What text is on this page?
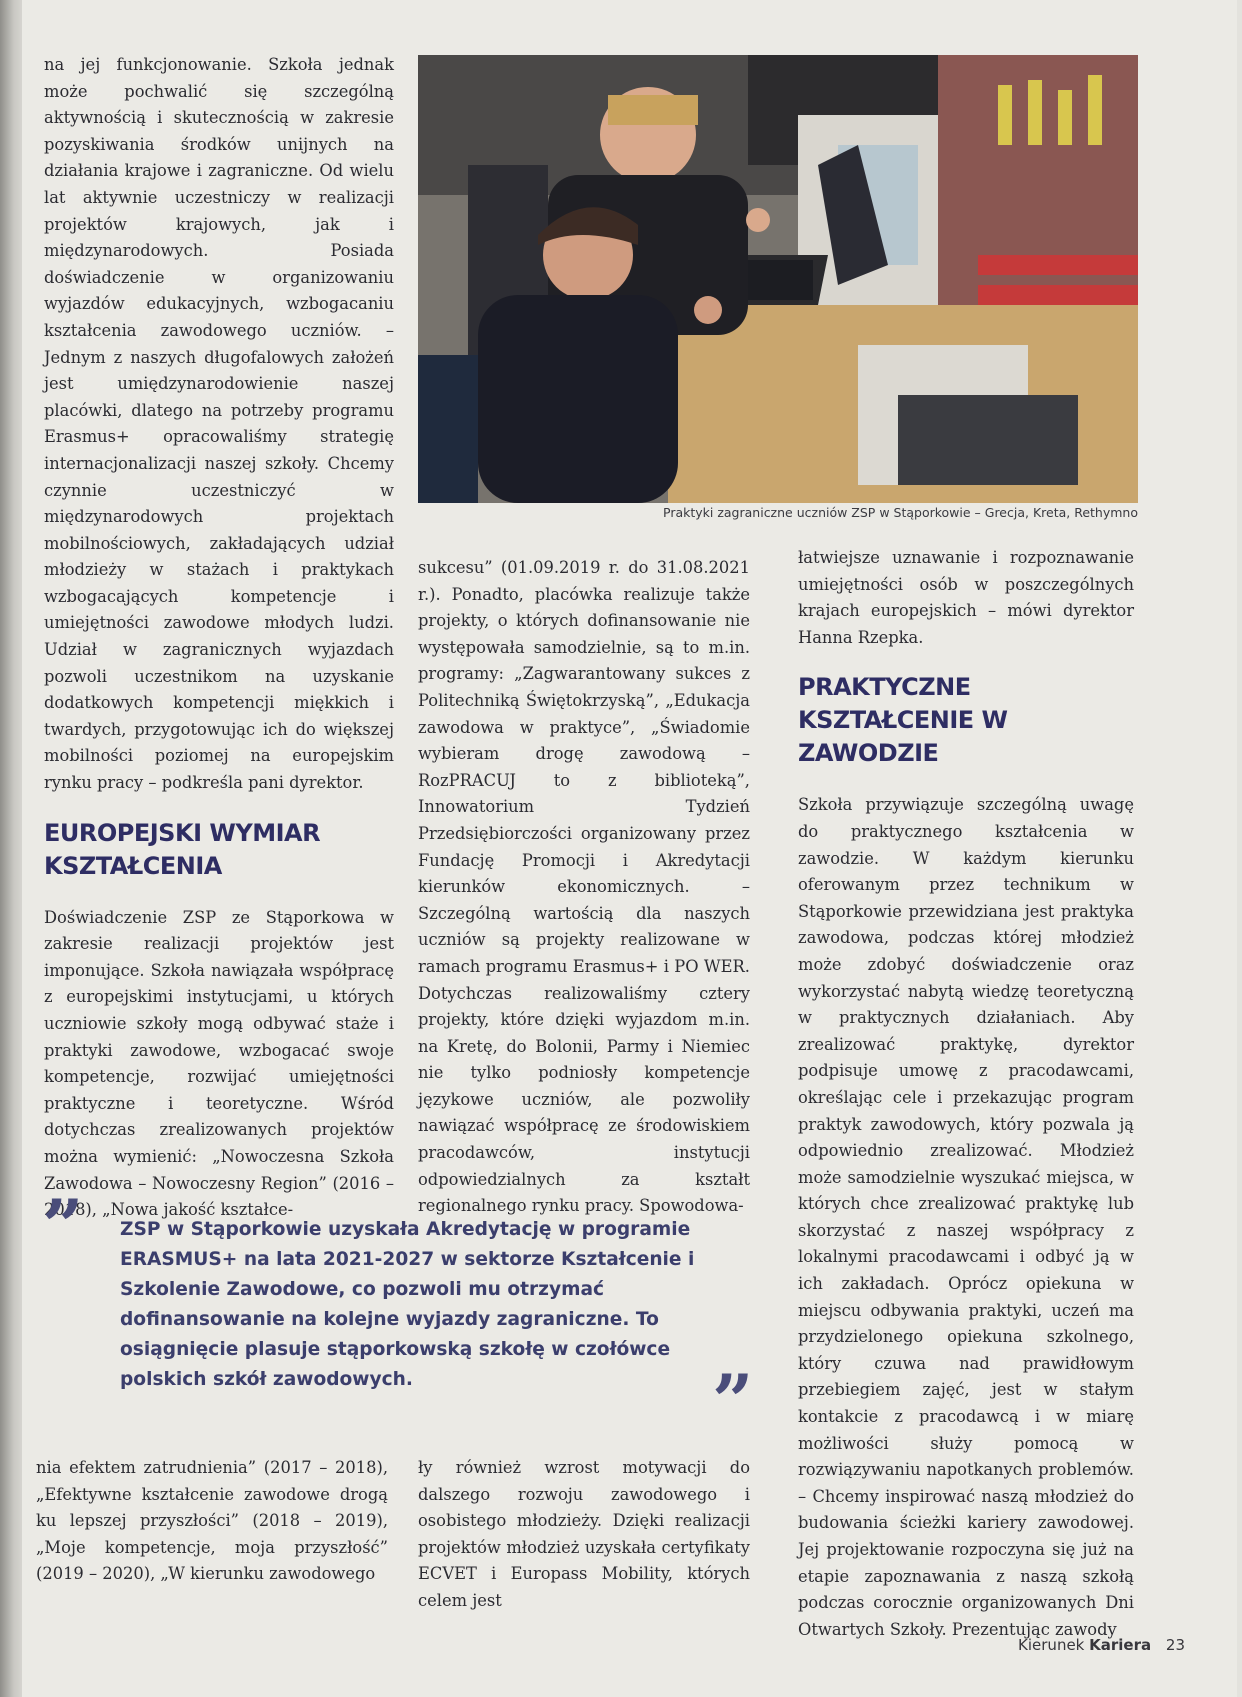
na jej funkcjonowanie. Szkoła jednak może pochwalić się szczególną aktywnością i skutecznością w zakresie pozyskiwania środków unijnych na działania krajowe i zagraniczne. Od wielu lat aktywnie uczestniczy w realizacji projektów krajowych, jak i międzynarodowych. Posiada doświadczenie w organizowaniu wyjazdów edukacyjnych, wzbogacaniu kształcenia zawodowego uczniów. – Jednym z naszych długofalowych założeń jest umiędzynarodowienie naszej placówki, dlatego na potrzeby programu Erasmus+ opracowaliśmy strategię internacjonalizacji naszej szkoły. Chcemy czynnie uczestniczyć w międzynarodowych projektach mobilnościowych, zakładających udział młodzieży w stażach i praktykach wzbogacających kompetencje i umiejętności zawodowe młodych ludzi. Udział w zagranicznych wyjazdach pozwoli uczestnikom na uzyskanie dodatkowych kompetencji miękkich i twardych, przygotowując ich do większej mobilności poziomej na europejskim rynku pracy – podkreśla pani dyrektor.

EUROPEJSKI WYMIAR KSZTAŁCENIA

Doświadczenie ZSP ze Stąporkowa w zakresie realizacji projektów jest imponujące. Szkoła nawiązała współpracę z europejskimi instytucjami, u których uczniowie szkoły mogą odbywać staże i praktyki zawodowe, wzbogacać swoje kompetencje, rozwijać umiejętności praktyczne i teoretyczne. Wśród dotychczas zrealizowanych projektów można wymienić: „Nowoczesna Szkoła Zawodowa – Nowoczesny Region” (2016 – 2018), „Nowa jakość kształce-

Praktyki zagraniczne uczniów ZSP w Stąporkowie – Grecja, Kreta, Rethymno

sukcesu” (01.09.2019 r. do 31.08.2021 r.). Ponadto, placówka realizuje także projekty, o których dofinansowanie nie występowała samodzielnie, są to m.in. programy: „Zagwarantowany sukces z Politechniką Świętokrzyską”, „Edukacja zawodowa w praktyce”, „Świadomie wybieram drogę zawodową – RozPRACUJ to z biblioteką”, Innowatorium Tydzień Przedsiębiorczości organizowany przez Fundację Promocji i Akredytacji kierunków ekonomicznych. – Szczególną wartością dla naszych uczniów są projekty realizowane w ramach programu Erasmus+ i PO WER. Dotychczas realizowaliśmy cztery projekty, które dzięki wyjazdom m.in. na Kretę, do Bolonii, Parmy i Niemiec nie tylko podniosły kompetencje językowe uczniów, ale pozwoliły nawiązać współpracę ze środowiskiem pracodawców, instytucji odpowiedzialnych za kształt regionalnego rynku pracy. Spowodowa-

łatwiejsze uznawanie i rozpoznawanie umiejętności osób w poszczególnych krajach europejskich – mówi dyrektor Hanna Rzepka.

PRAKTYCZNE KSZTAŁCENIE W ZAWODZIE

Szkoła przywiązuje szczególną uwagę do praktycznego kształcenia w zawodzie. W każdym kierunku oferowanym przez technikum w Stąporkowie przewidziana jest praktyka zawodowa, podczas której młodzież może zdobyć doświadczenie oraz wykorzystać nabytą wiedzę teoretyczną w praktycznych działaniach. Aby zrealizować praktykę, dyrektor podpisuje umowę z pracodawcami, określając cele i przekazując program praktyk zawodowych, który pozwala ją odpowiednio zrealizować. Młodzież może samodzielnie wyszukać miejsca, w których chce zrealizować praktykę lub skorzystać z naszej współpracy z lokalnymi pracodawcami i odbyć ją w ich zakładach. Oprócz opiekuna w miejscu odbywania praktyki, uczeń ma przydzielonego opiekuna szkolnego, który czuwa nad prawidłowym przebiegiem zajęć, jest w stałym kontakcie z pracodawcą i w miarę możliwości służy pomocą w rozwiązywaniu napotkanych problemów. – Chcemy inspirować naszą młodzież do budowania ścieżki kariery zawodowej. Jej projektowanie rozpoczyna się już na etapie zapoznawania z naszą szkołą podczas corocznie organizowanych Dni Otwartych Szkoły. Prezentując zawody

” ZSP w Stąporkowie uzyskała Akredytację w programie ERASMUS+ na lata 2021-2027 w sektorze Kształcenie i Szkolenie Zawodowe, co pozwoli mu otrzymać dofinansowanie na kolejne wyjazdy zagraniczne. To osiągnięcie plasuje stąporkowską szkołę w czołówce polskich szkół zawodowych.	”

nia efektem zatrudnienia” (2017 – 2018), „Efektywne kształcenie zawodowe drogą ku lepszej przyszłości” (2018 – 2019), „Moje kompetencje, moja przyszłość” (2019 – 2020), „W kierunku zawodowego

ły również wzrost motywacji do dalszego rozwoju zawodowego i osobistego młodzieży. Dzięki realizacji projektów młodzież uzyskała certyfikaty ECVET i Europass Mobility, których celem jest

Kierunek Kariera 23
